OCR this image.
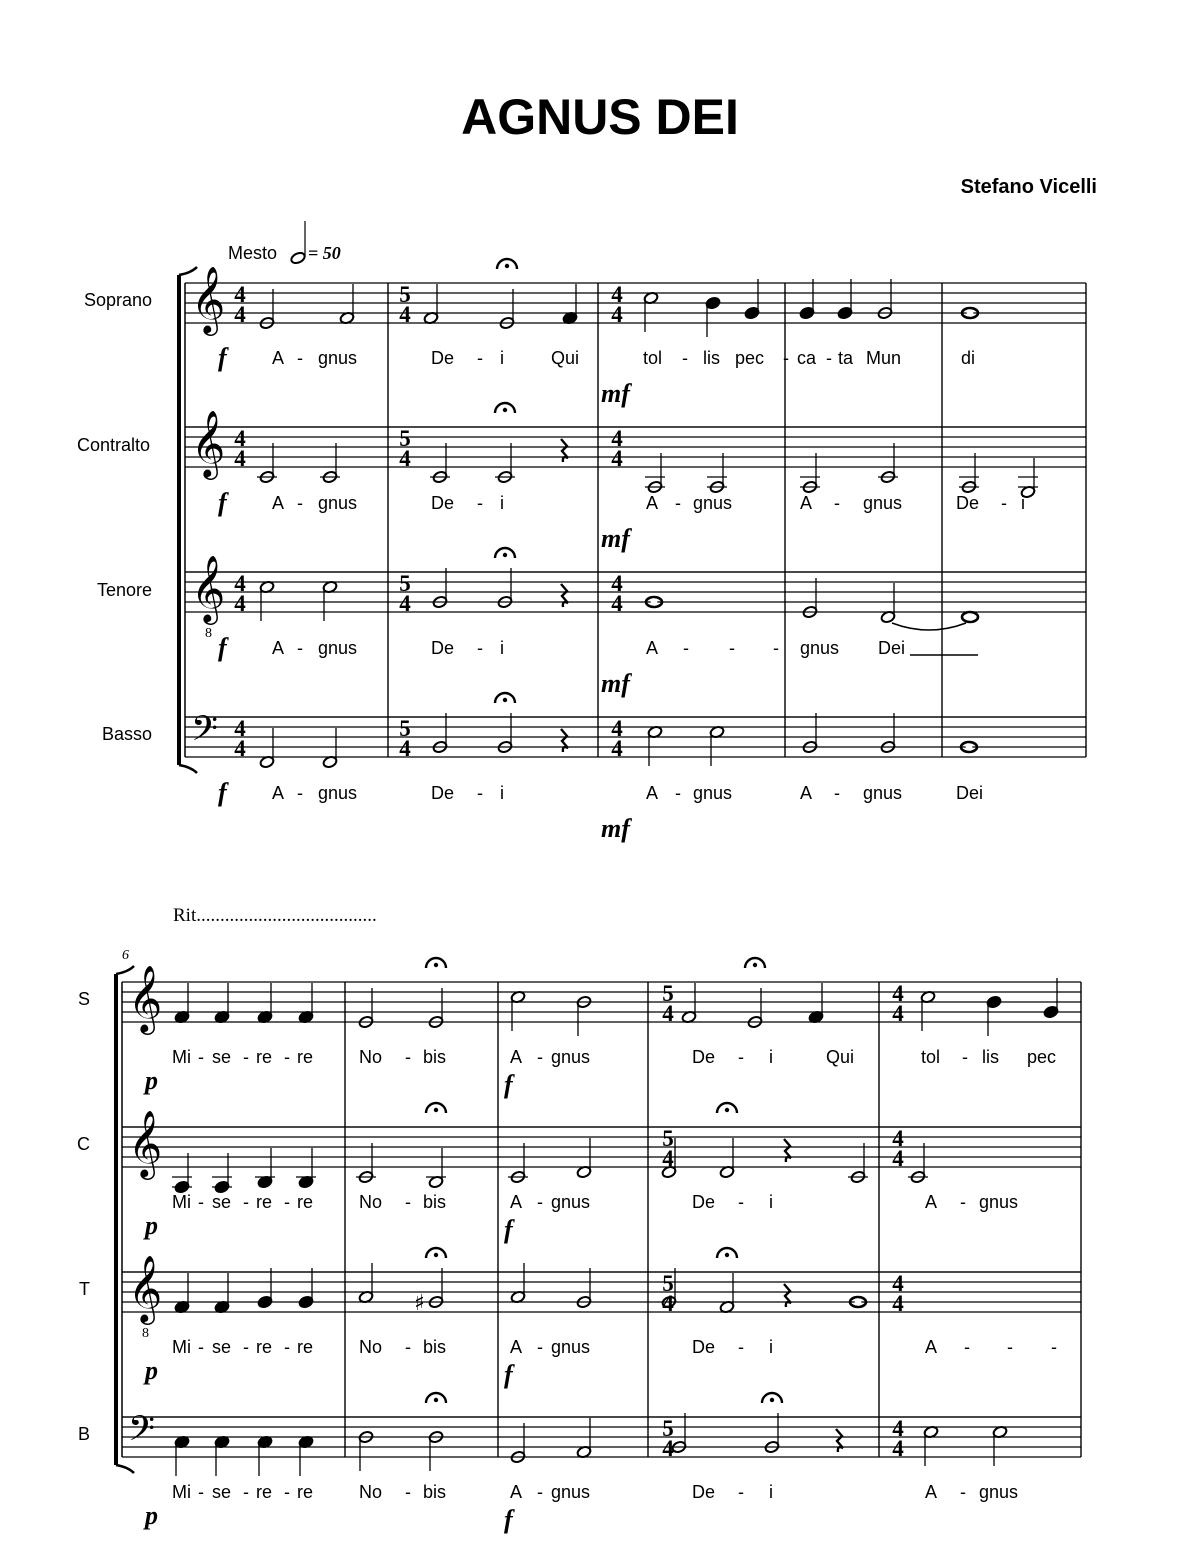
AGNUS DEI
Stefano Vicelli
Mesto = 50
Rit......................................
6
Soprano
Contralto
Tenore
Basso
S
C
T
B
𝄞 4
4
5
4
4
4
A - gnus	De - i	Qui	tol - lis pec - ca - ta Mun	di
f
mf
𝄞 4
4
5
4
4
4
A - gnus	De - i	A - gnus	A - gnus	De - i
f
mf
𝄞
8
4
4
5
4
4
4
A - gnus	De - i	A - - - gnus Dei
f
mf
𝄢 4
4
5
4
4
4
A - gnus	De - i	A - gnus	A - gnus	Dei
f
mf
𝄞	5
4
4
4
Mi - se - re - re	No - bis	A - gnus	De - i	Qui	tol - lis pec
p	f
𝄞	5
4
4
4
Mi - se - re - re	No - bis	A - gnus	De - i	A - gnus
p	f
𝄞
8
5
4
4
4
♯
Mi - se - re - re	No - bis	A - gnus	De - i	A - - -
p	f
𝄢	5
4
4
4
Mi - se - re - re	No - bis	A - gnus	De - i	A - gnus
p	f
